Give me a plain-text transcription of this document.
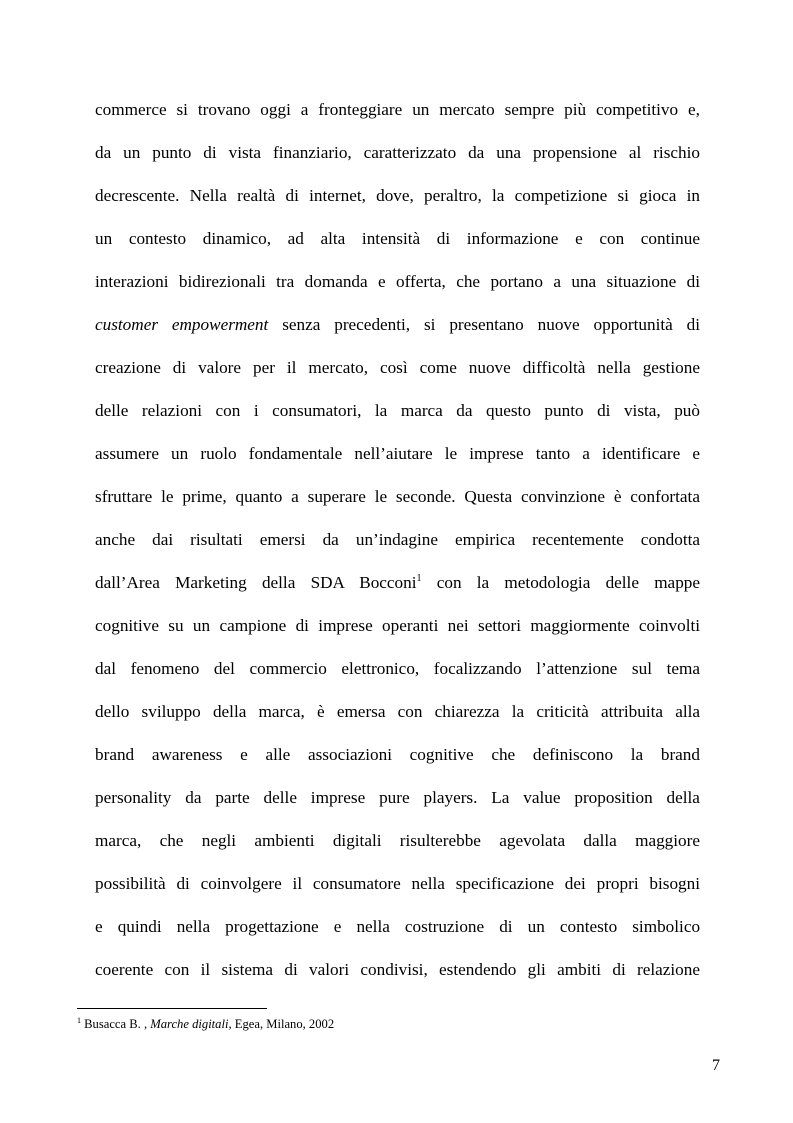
commerce si trovano oggi a fronteggiare un mercato sempre più competitivo e,
da un punto di vista finanziario, caratterizzato da una propensione al rischio
decrescente. Nella realtà di internet, dove, peraltro, la competizione si gioca in
un contesto dinamico, ad alta intensità di informazione e con continue
interazioni bidirezionali tra domanda e offerta, che portano a una situazione di
customer empowerment senza precedenti, si presentano nuove opportunità di
creazione di valore per il mercato, così come nuove difficoltà nella gestione
delle relazioni con i consumatori, la marca da questo punto di vista, può
assumere un ruolo fondamentale nell’aiutare le imprese tanto a identificare e
sfruttare le prime, quanto a superare le seconde. Questa convinzione è confortata
anche dai risultati emersi da un’indagine empirica recentemente condotta
dall’Area Marketing della SDA Bocconi$^1$ con la metodologia delle mappe
cognitive su un campione di imprese operanti nei settori maggiormente coinvolti
dal fenomeno del commercio elettronico, focalizzando l’attenzione sul tema
dello sviluppo della marca, è emersa con chiarezza la criticità attribuita alla
brand awareness e alle associazioni cognitive che definiscono la brand
personality da parte delle imprese pure players. La value proposition della
marca, che negli ambienti digitali risulterebbe agevolata dalla maggiore
possibilità di coinvolgere il consumatore nella specificazione dei propri bisogni
e quindi nella progettazione e nella costruzione di un contesto simbolico
coerente con il sistema di valori condivisi, estendendo gli ambiti di relazione
$^1$ Busacca B. , Marche digitali, Egea, Milano, 2002
7
